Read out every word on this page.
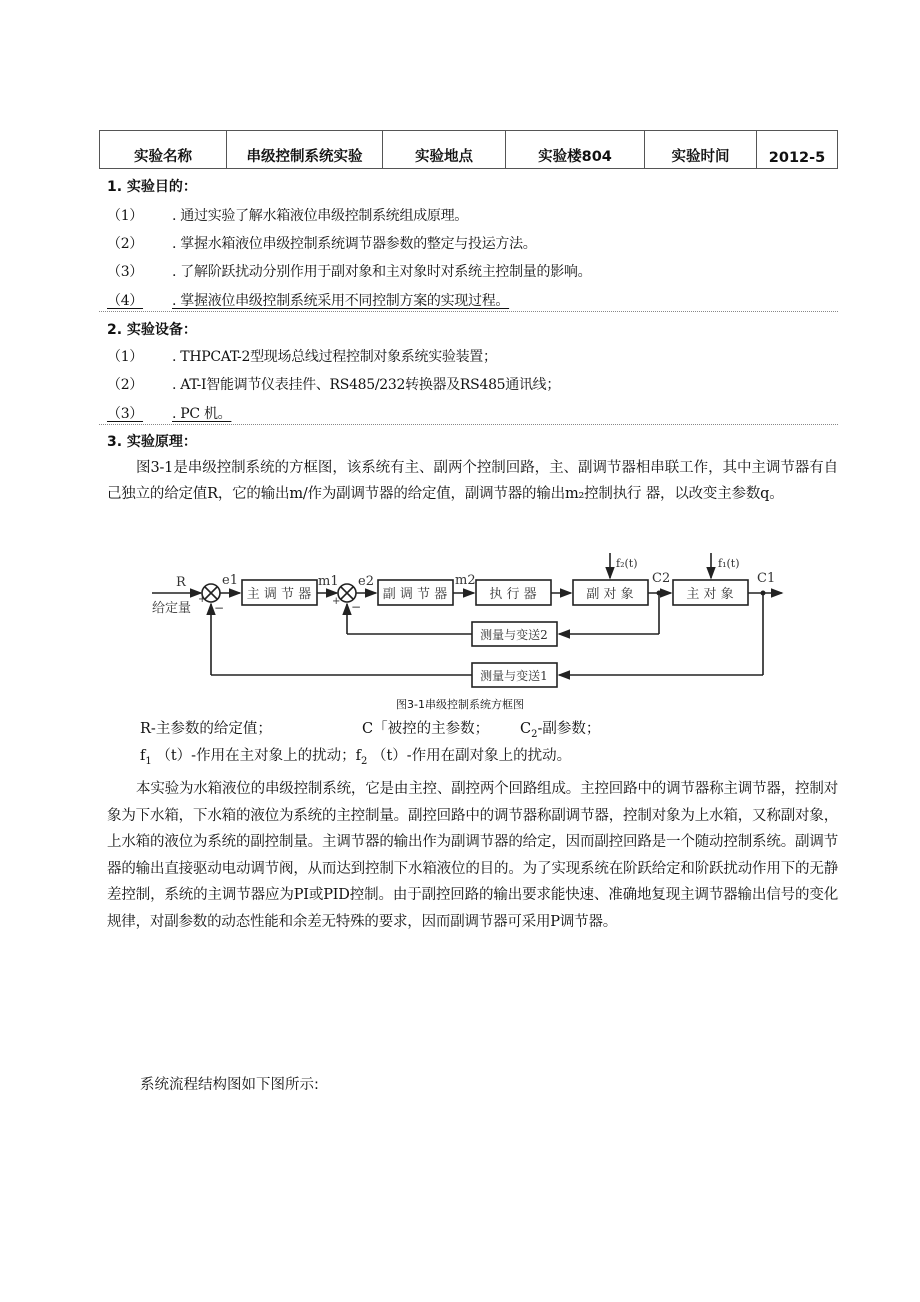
实验名称	串级控制系统实验	实验地点	实验楼804	实验时间	2012-5
1. 实验目的：
（1） . 通过实验了解水箱液位串级控制系统组成原理。
（2） . 掌握水箱液位串级控制系统调节器参数的整定与投运方法。
（3） . 了解阶跃扰动分别作用于副对象和主对象时对系统主控制量的影响。
（4） . 掌握液位串级控制系统采用不同控制方案的实现过程。
2. 实验设备：
（1） . THPCAT-2型现场总线过程控制对象系统实验装置；
（2） . AT-I智能调节仪表挂件、RS485/232转换器及RS485通讯线；
（3） . PC 机。
3. 实验原理：

图3-1是串级控制系统的方框图，该系统有主、副两个控制回路，主、副调节器相串联工作，其中主调节器有自己独立的给定值R，它的输出m/作为副调节器的给定值，副调节器的输出m₂控制执行 器，以改变主参数q。

R
给定量
+
−
e1
主 调 节 器
m1
+ −
e2
副 调 节 器
m2
执 行 器	副 对 象
f₂(t)
C2
主 对 象
f₁(t)
C1
测量与变送2
测量与变送1
图3-1串级控制系统方框图
R-主参数的给定值；	C「被控的主参数； $C_2-$副参数；
$f_1$ （t）-作用在主对象上的扰动；$f_2$ （t）-作用在副对象上的扰动。

本实验为水箱液位的串级控制系统，它是由主控、副控两个回路组成。主控回路中的调节器称主调节器，控制对象为下水箱，下水箱的液位为系统的主控制量。副控回路中的调节器称副调节器，控制对象为上水箱，又称副对象，上水箱的液位为系统的副控制量。主调节器的输出作为副调节器的给定，因而副控回路是一个随动控制系统。副调节器的输出直接驱动电动调节阀，从而达到控制下水箱液位的目的。为了实现系统在阶跃给定和阶跃扰动作用下的无静差控制，系统的主调节器应为PI或PID控制。由于副控回路的输出要求能快速、准确地复现主调节器输出信号的变化规律，对副参数的动态性能和余差无特殊的要求，因而副调节器可采用P调节器。

系统流程结构图如下图所示:
